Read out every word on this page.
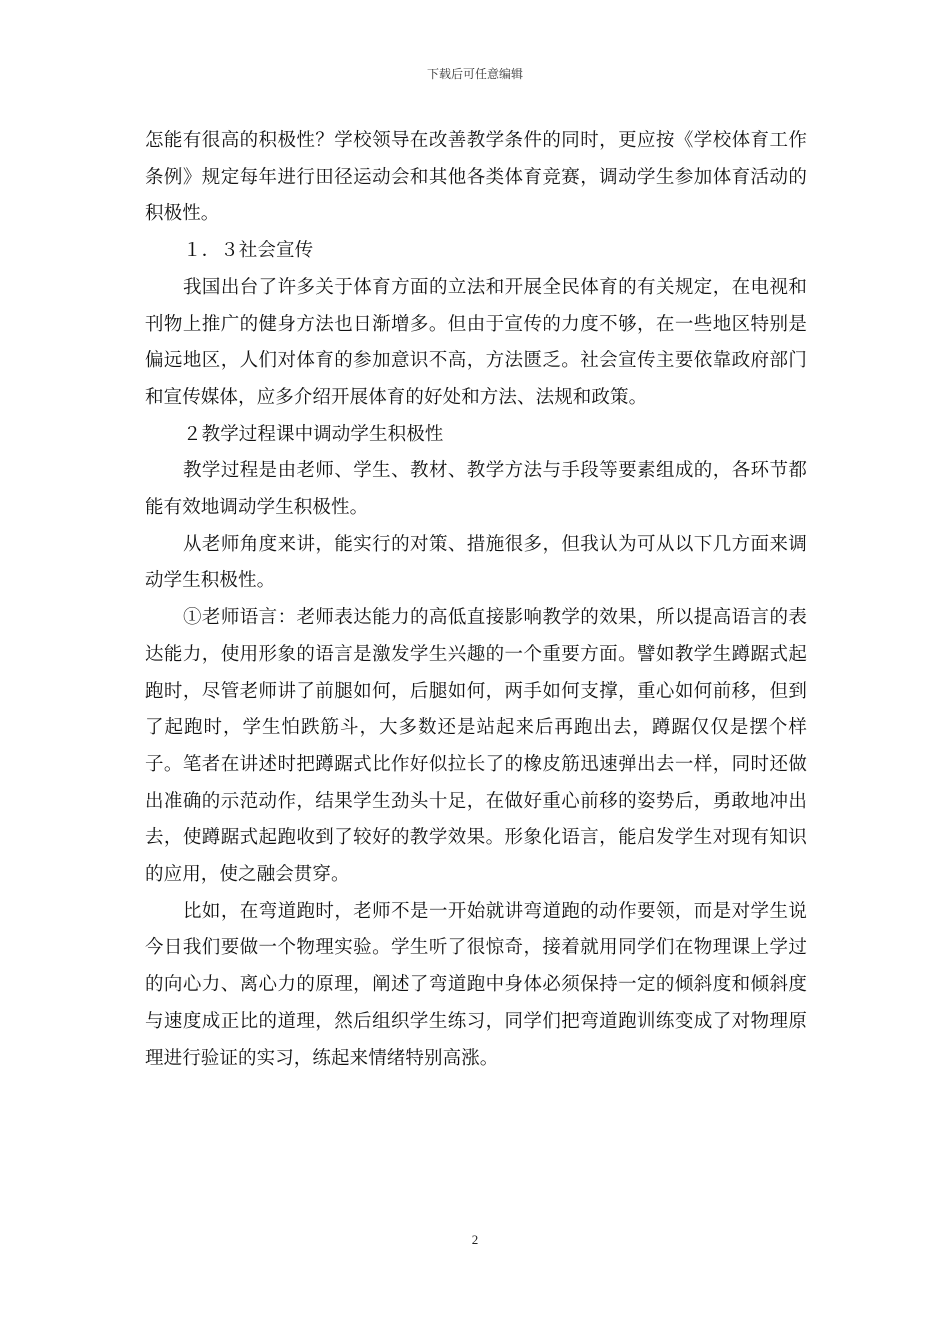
下载后可任意编辑

怎能有很高的积极性？学校领导在改善教学条件的同时，更应按《学校体育工作条例》规定每年进行田径运动会和其他各类体育竞赛，调动学生参加体育活动的积极性。

１．３社会宣传

我国出台了许多关于体育方面的立法和开展全民体育的有关规定，在电视和刊物上推广的健身方法也日渐增多。但由于宣传的力度不够，在一些地区特别是偏远地区，人们对体育的参加意识不高，方法匮乏。社会宣传主要依靠政府部门和宣传媒体，应多介绍开展体育的好处和方法、法规和政策。

２教学过程课中调动学生积极性

教学过程是由老师、学生、教材、教学方法与手段等要素组成的，各环节都能有效地调动学生积极性。

从老师角度来讲，能实行的对策、措施很多，但我认为可从以下几方面来调动学生积极性。

①老师语言：老师表达能力的高低直接影响教学的效果，所以提高语言的表达能力，使用形象的语言是激发学生兴趣的一个重要方面。譬如教学生蹲踞式起跑时，尽管老师讲了前腿如何，后腿如何，两手如何支撑，重心如何前移，但到了起跑时，学生怕跌筋斗，大多数还是站起来后再跑出去，蹲踞仅仅是摆个样子。笔者在讲述时把蹲踞式比作好似拉长了的橡皮筋迅速弹出去一样，同时还做出准确的示范动作，结果学生劲头十足，在做好重心前移的姿势后，勇敢地冲出去，使蹲踞式起跑收到了较好的教学效果。形象化语言，能启发学生对现有知识的应用，使之融会贯穿。

比如，在弯道跑时，老师不是一开始就讲弯道跑的动作要领，而是对学生说今日我们要做一个物理实验。学生听了很惊奇，接着就用同学们在物理课上学过的向心力、离心力的原理，阐述了弯道跑中身体必须保持一定的倾斜度和倾斜度与速度成正比的道理，然后组织学生练习，同学们把弯道跑训练变成了对物理原理进行验证的实习，练起来情绪特别高涨。

2
